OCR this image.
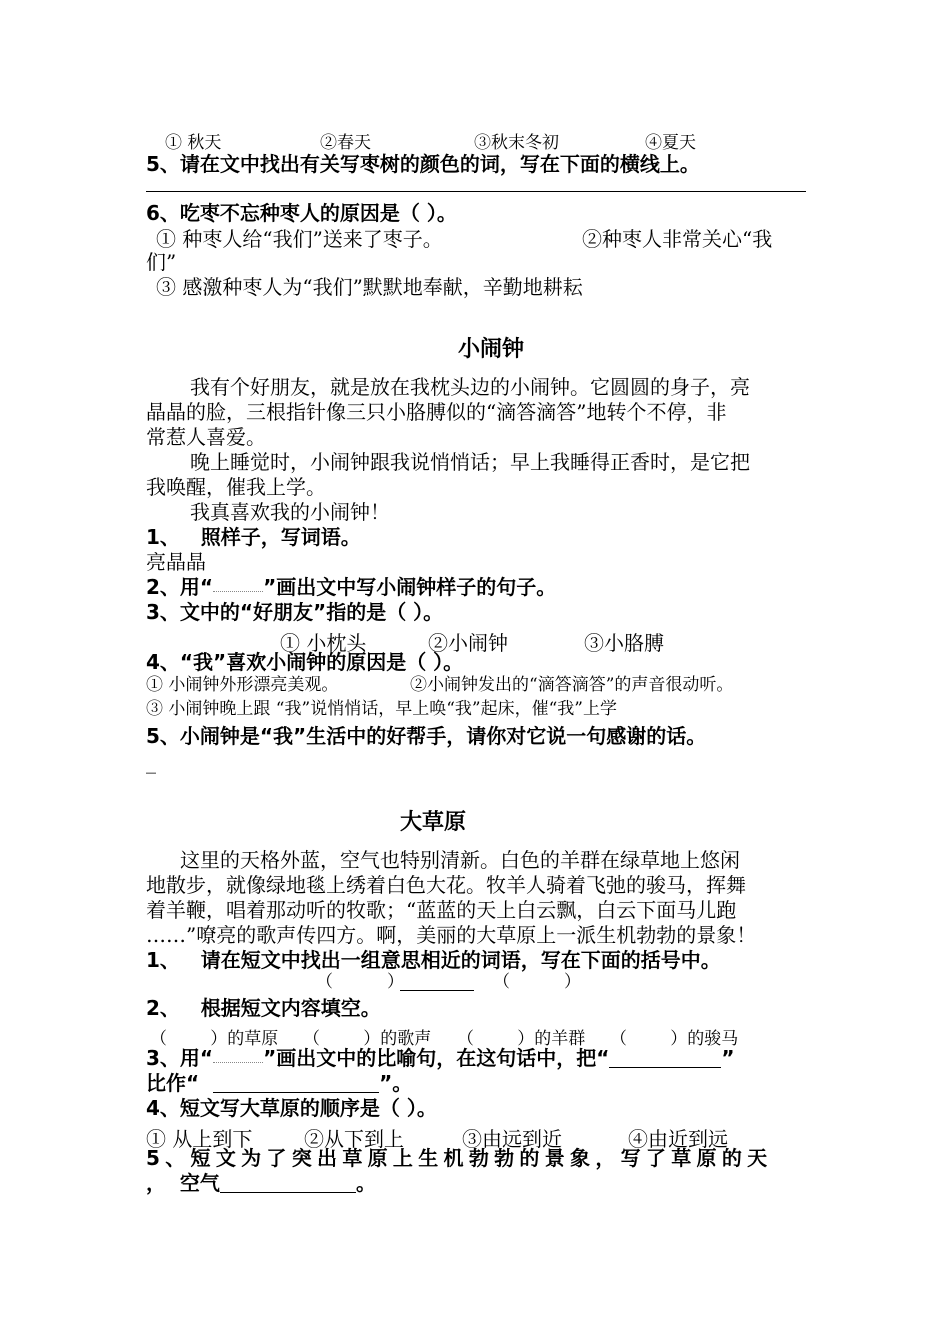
① 秋天	②春天	③秋末冬初	④夏天
5、请在文中找出有关写枣树的颜色的词，写在下面的横线上。
6、吃枣不忘种枣人的原因是（ ）。
① 种枣人给“我们”送来了枣子。	②种枣人非常关心“我
们”
③ 感激种枣人为“我们”默默地奉献，辛勤地耕耘
小闹钟
我有个好朋友，就是放在我枕头边的小闹钟。它圆圆的身子，亮
晶晶的脸，三根指针像三只小胳膊似的“滴答滴答”地转个不停，非
常惹人喜爱。
晚上睡觉时，小闹钟跟我说悄悄话；早上我睡得正香时，是它把
我唤醒，催我上学。
我真喜欢我的小闹钟！
1、   照样子，写词语。
亮晶晶
2、用“	”画出文中写小闹钟样子的句子。
3、文中的“好朋友”指的是（ ）。
① 小枕头	②小闹钟	③小胳膊
4、“我”喜欢小闹钟的原因是（ ）。
① 小闹钟外形漂亮美观。	②小闹钟发出的“滴答滴答”的声音很动听。
③ 小闹钟晚上跟 “我”说悄悄话，早上唤“我”起床，催“我”上学
5、小闹钟是“我”生活中的好帮手，请你对它说一句感谢的话。
_
大草原
这里的天格外蓝，空气也特别清新。白色的羊群在绿草地上悠闲
地散步，就像绿地毯上绣着白色大花。牧羊人骑着飞弛的骏马，挥舞
着羊鞭，唱着那动听的牧歌；“蓝蓝的天上白云飘，白云下面马儿跑
……”嘹亮的歌声传四方。啊，美丽的大草原上一派生机勃勃的景象！
1、   请在短文中找出一组意思相近的词语，写在下面的括号中。
（          ）	（          ）
2、   根据短文内容填空。
（        ）的草原 （        ）的歌声 （        ）的羊群 （        ）的骏马
3、用“	”画出文中的比喻句，在这句话中，把“	”
比作“	”。
4、短文写大草原的顺序是（ ）。
① 从上到下	②从下到上	③由远到近	④由近到远
5、短文为了突出草原上生机勃勃的景象，写了草原的天
，  空气	。
